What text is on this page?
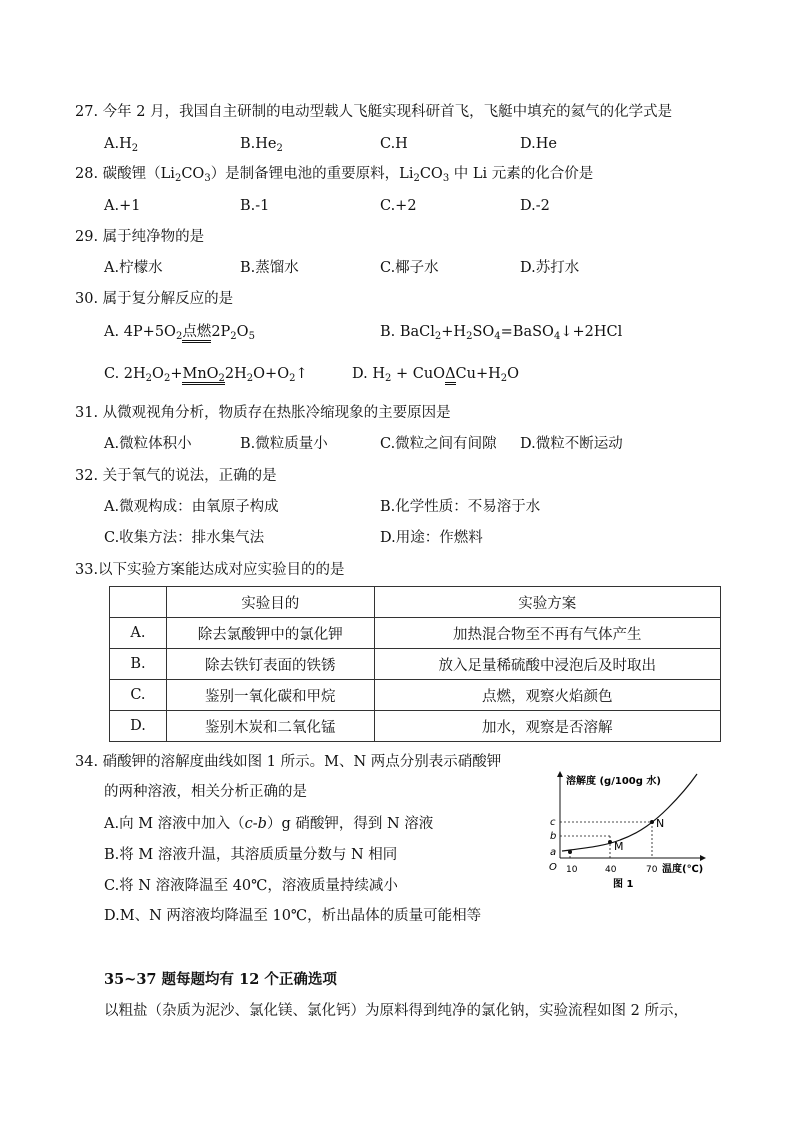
27. 今年 2 月，我国自主研制的电动型载人飞艇实现科研首飞，飞艇中填充的氦气的化学式是
$A.H_2$	$B.He_2$	C.H	D.He
28. 碳酸锂$(Li_2CO_3)$是制备锂电池的重要原料，$Li_2CO_3$ 中 Li 元素的化合价是
A.+1	B.-1	C.+2	D.-2
29. 属于纯净物的是
A.柠檬水	B.蒸馏水	C.椰子水	D.苏打水
30. 属于复分解反应的是
A. $4P+5O_2$点燃$2P_2O_5$	B. $BaCl_2+H_2SO_4=BaSO_4↓+2HCl$
C. $2H_2O_2+MnO_22H_2O+O_2↑$	D. $H_2 + CuO\Delta Cu+H_2O$
31. 从微观视角分析，物质存在热胀冷缩现象的主要原因是
A.微粒体积小	B.微粒质量小	C.微粒之间有间隙 D.微粒不断运动
32. 关于氧气的说法，正确的是
A.微观构成：由氧原子构成	B.化学性质：不易溶于水
C.收集方法：排水集气法	D.用途：作燃料
33.以下实验方案能达成对应实验目的的是
	实验目的	实验方案
A.	除去氯酸钾中的氯化钾	加热混合物至不再有气体产生
B.	除去铁钉表面的铁锈	放入足量稀硫酸中浸泡后及时取出
C.	鉴别一氧化碳和甲烷	点燃，观察火焰颜色
D.	鉴别木炭和二氧化锰	加水，观察是否溶解
34. 硝酸钾的溶解度曲线如图 1 所示。M、N 两点分别表示硝酸钾
的两种溶液，相关分析正确的是
A.向 M 溶液中加入（c-b）g 硝酸钾，得到 N 溶液
B.将 M 溶液升温，其溶质质量分数与 N 相同
C.将 N 溶液降温至 40℃，溶液质量持续减小
D.M、N 两溶液均降温至 10℃，析出晶体的质量可能相等
溶解度 (g/100g 水)
M
N
c
b
a
O 10	40	70 温度(℃)
图 1
35~37 题每题均有 12 个正确选项
以粗盐（杂质为泥沙、氯化镁、氯化钙）为原料得到纯净的氯化钠，实验流程如图 2 所示，
